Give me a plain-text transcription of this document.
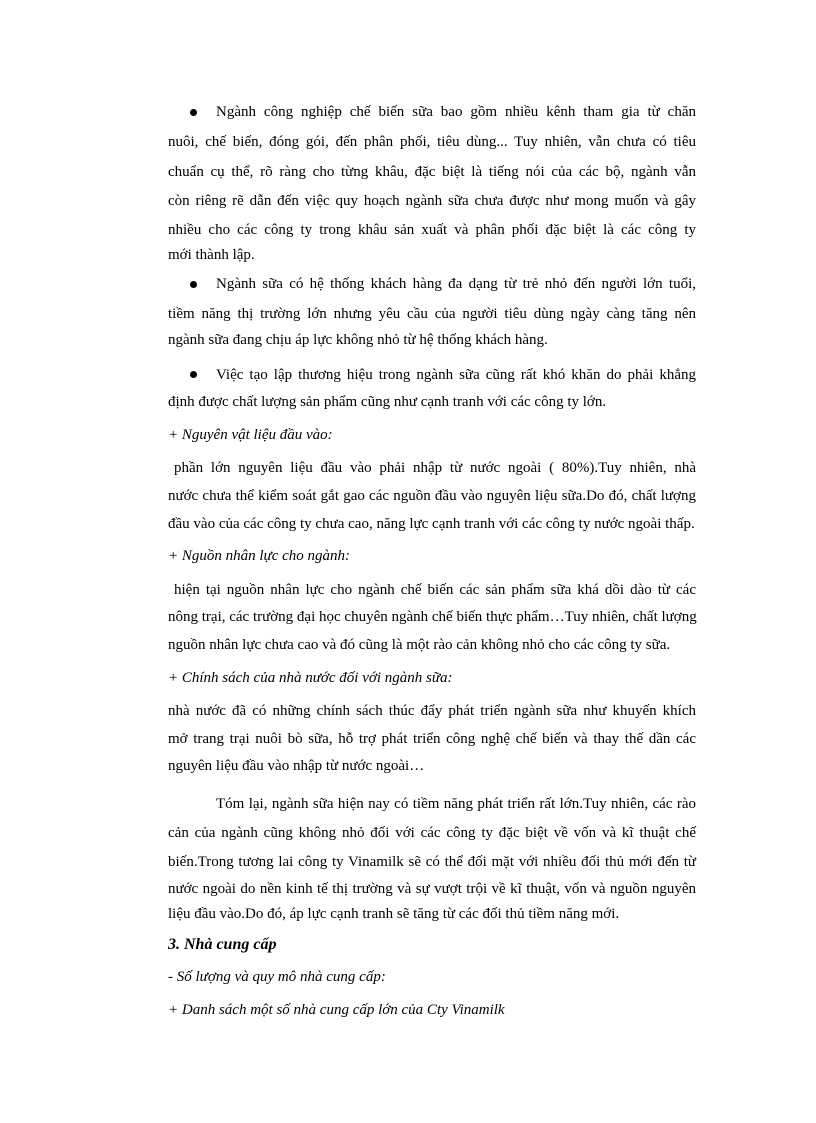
Ngành công nghiệp chế biến sữa bao gồm nhiều kênh tham gia từ chăn
nuôi, chế biến, đóng gói, đến phân phối, tiêu dùng... Tuy nhiên, vẫn chưa có tiêu
chuẩn cụ thể, rõ ràng cho từng khâu, đặc biệt là tiếng nói của các bộ, ngành vẫn
còn riêng rẽ dẫn đến việc quy hoạch ngành sữa chưa được như mong muốn và gây
nhiều cho các công ty trong khâu sản xuất và phân phối đặc biệt là các công ty
mới thành lập.
Ngành sữa có hệ thống khách hàng đa dạng từ trẻ nhỏ đến người lớn tuổi,
tiềm năng thị trường lớn nhưng yêu cầu của người tiêu dùng ngày càng tăng nên
ngành sữa đang chịu áp lực không nhỏ từ hệ thống khách hàng.
Việc tạo lập thương hiệu trong ngành sữa cũng rất khó khăn do phải khẳng
định được chất lượng sản phẩm cũng như cạnh tranh với các công ty lớn.
+ Nguyên vật liệu đầu vào:
phần lớn nguyên liệu đầu vào phải nhập từ nước ngoài ( 80%).Tuy nhiên, nhà
nước chưa thể kiểm soát gắt gao các nguồn đầu vào nguyên liệu sữa.Do đó, chất lượng
đầu vào của các công ty chưa cao, năng lực cạnh tranh với các công ty nước ngoài thấp.
+ Nguồn nhân lực cho ngành:
hiện tại nguồn nhân lực cho ngành chế biến các sản phẩm sữa khá dồi dào từ các
nông trại, các trường đại học chuyên ngành chế biến thực phẩm…Tuy nhiên, chất lượng
nguồn nhân lực chưa cao và đó cũng là một rào cản không nhỏ cho các công ty sữa.
+ Chính sách của nhà nước đối với ngành sữa:
nhà nước đã có những chính sách thúc đẩy phát triển ngành sữa như khuyến khích
mở trang trại nuôi bò sữa, hỗ trợ phát triển công nghệ chế biến và thay thế dần các
nguyên liệu đầu vào nhập từ nước ngoài…
Tóm lại, ngành sữa hiện nay có tiềm năng phát triển rất lớn.Tuy nhiên, các rào
cản của ngành cũng không nhỏ đối với các công ty đặc biệt về vốn và kĩ thuật chế
biến.Trong tương lai công ty Vinamilk sẽ có thể đối mặt với nhiều đối thủ mới đến từ
nước ngoài do nền kinh tế thị trường và sự vượt trội về kĩ thuật, vốn và nguồn nguyên
liệu đầu vào.Do đó, áp lực cạnh tranh sẽ tăng từ các đối thủ tiềm năng mới.
3. Nhà cung cấp
- Số lượng và quy mô nhà cung cấp:
+ Danh sách một số nhà cung cấp lớn của Cty Vinamilk
